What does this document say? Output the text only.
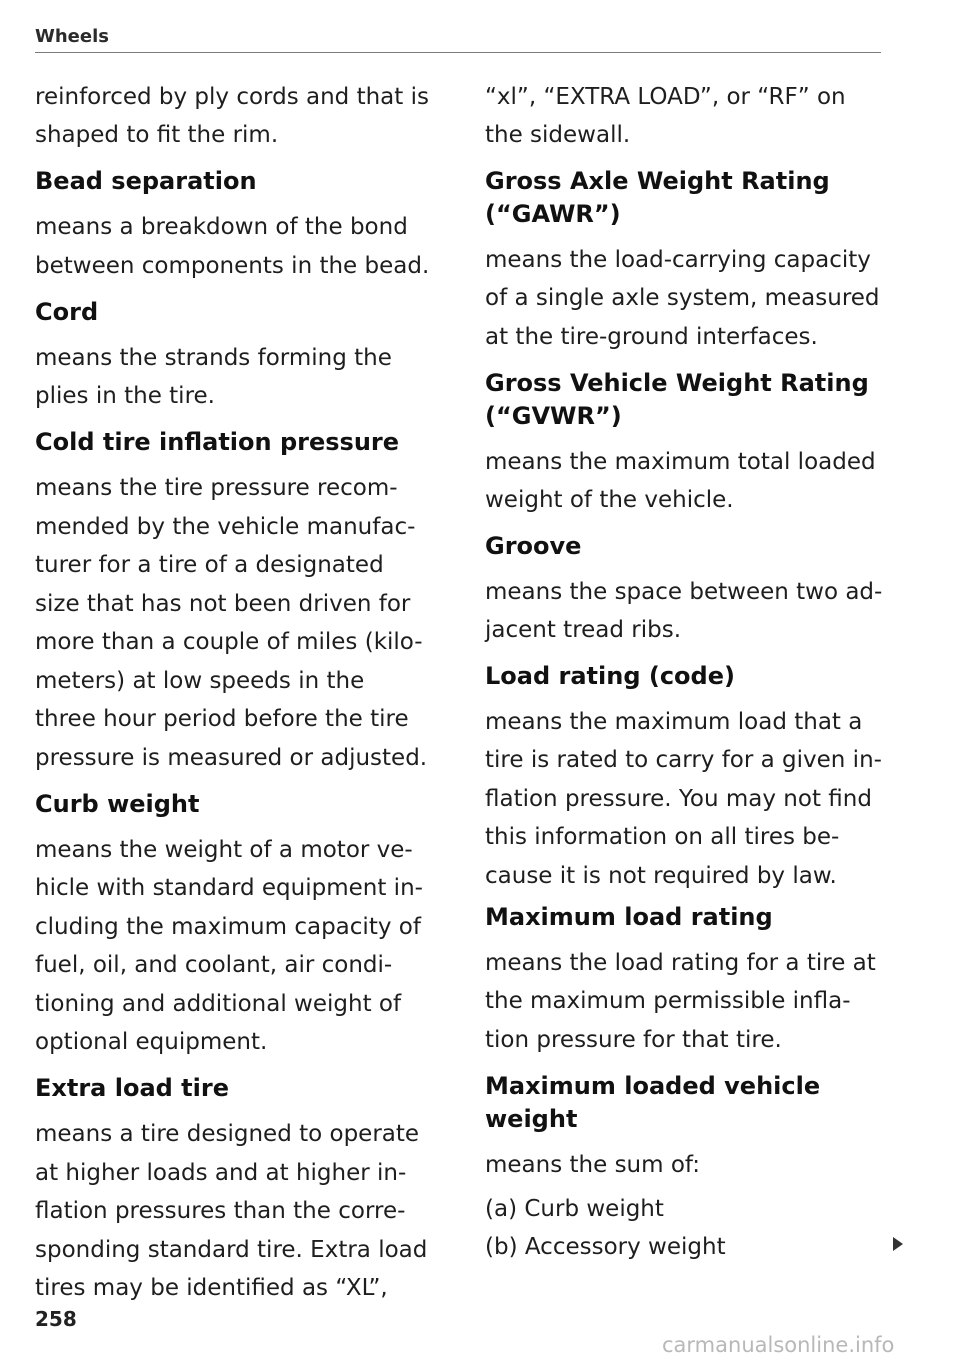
Wheels
reinforced by ply cords and that is
shaped to fit the rim.
Bead separation
means a breakdown of the bond
between components in the bead.
Cord
means the strands forming the
plies in the tire.
Cold tire inflation pressure
means the tire pressure recom-
mended by the vehicle manufac-
turer for a tire of a designated
size that has not been driven for
more than a couple of miles (kilo-
meters) at low speeds in the
three hour period before the tire
pressure is measured or adjusted.
Curb weight
means the weight of a motor ve-
hicle with standard equipment in-
cluding the maximum capacity of
fuel, oil, and coolant, air condi-
tioning and additional weight of
optional equipment.
Extra load tire
means a tire designed to operate
at higher loads and at higher in-
flation pressures than the corre-
sponding standard tire. Extra load
tires may be identified as “XL”,
“xl”, “EXTRA LOAD”, or “RF” on
the sidewall.
Gross Axle Weight Rating
(“GAWR”)
means the load-carrying capacity
of a single axle system, measured
at the tire-ground interfaces.
Gross Vehicle Weight Rating
(“GVWR”)
means the maximum total loaded
weight of the vehicle.
Groove
means the space between two ad-
jacent tread ribs.
Load rating (code)
means the maximum load that a
tire is rated to carry for a given in-
flation pressure. You may not find
this information on all tires be-
cause it is not required by law.
Maximum load rating
means the load rating for a tire at
the maximum permissible infla-
tion pressure for that tire.
Maximum loaded vehicle
weight
means the sum of:
(a) Curb weight
(b) Accessory weight
258
carmanualsonline.info
